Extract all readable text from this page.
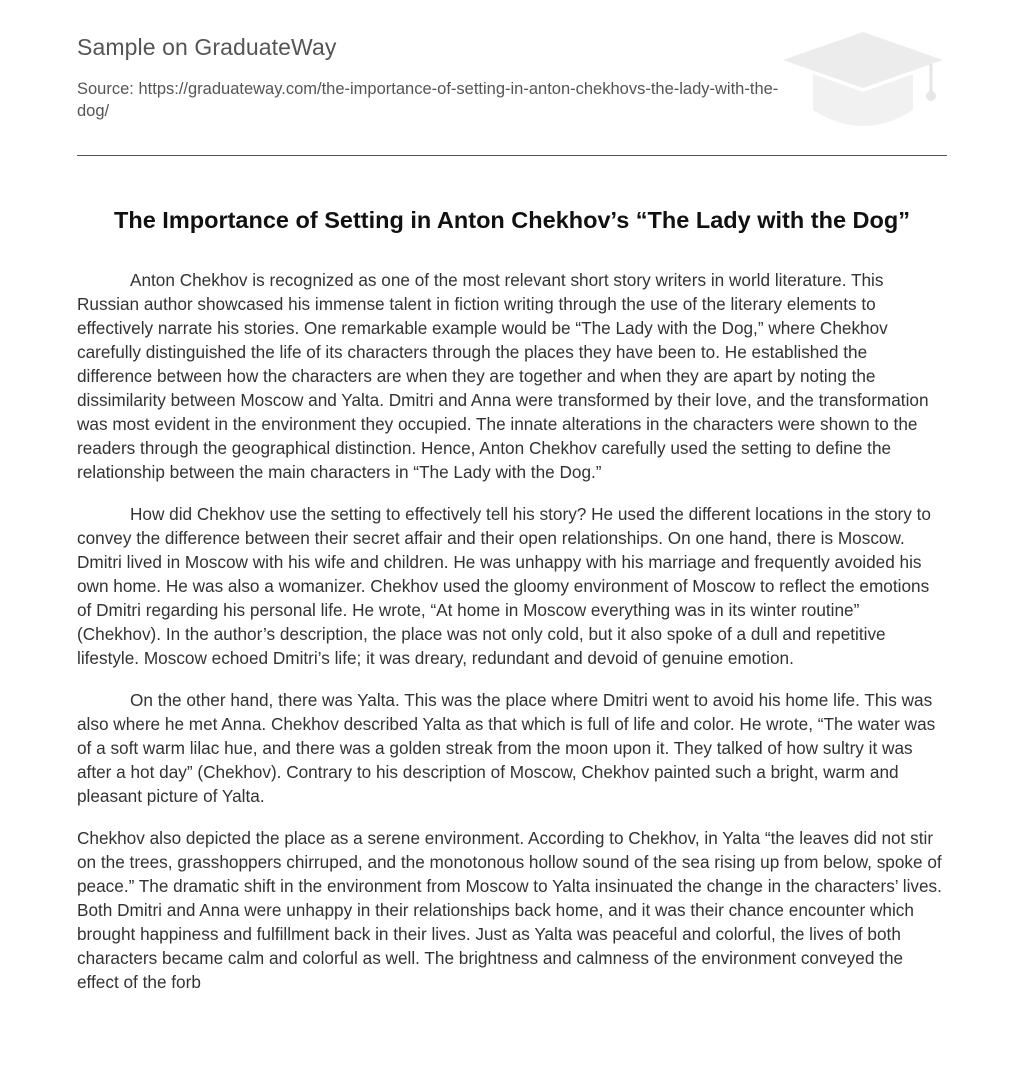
Sample on GraduateWay
Source: https://graduateway.com/the-importance-of-setting-in-anton-chekhovs-the-lady-with-the-dog/
The Importance of Setting in Anton Chekhov’s “The Lady with the Dog”

Anton Chekhov is recognized as one of the most relevant short story writers in world literature. This Russian author showcased his immense talent in fiction writing through the use of the literary elements to effectively narrate his stories. One remarkable example would be “The Lady with the Dog,” where Chekhov carefully distinguished the life of its characters through the places they have been to. He established the difference between how the characters are when they are together and when they are apart by noting the dissimilarity between Moscow and Yalta. Dmitri and Anna were transformed by their love, and the transformation was most evident in the environment they occupied. The innate alterations in the characters were shown to the readers through the geographical distinction. Hence, Anton Chekhov carefully used the setting to define the relationship between the main characters in “The Lady with the Dog.”

How did Chekhov use the setting to effectively tell his story? He used the different locations in the story to convey the difference between their secret affair and their open relationships. On one hand, there is Moscow. Dmitri lived in Moscow with his wife and children. He was unhappy with his marriage and frequently avoided his own home. He was also a womanizer. Chekhov used the gloomy environment of Moscow to reflect the emotions of Dmitri regarding his personal life. He wrote, “At home in Moscow everything was in its winter routine” (Chekhov). In the author’s description, the place was not only cold, but it also spoke of a dull and repetitive lifestyle. Moscow echoed Dmitri’s life; it was dreary, redundant and devoid of genuine emotion.

On the other hand, there was Yalta. This was the place where Dmitri went to avoid his home life. This was also where he met Anna. Chekhov described Yalta as that which is full of life and color. He wrote, “The water was of a soft warm lilac hue, and there was a golden streak from the moon upon it. They talked of how sultry it was after a hot day” (Chekhov). Contrary to his description of Moscow, Chekhov painted such a bright, warm and pleasant picture of Yalta.

Chekhov also depicted the place as a serene environment. According to Chekhov, in Yalta “the leaves did not stir on the trees, grasshoppers chirruped, and the monotonous hollow sound of the sea rising up from below, spoke of peace.” The dramatic shift in the environment from Moscow to Yalta insinuated the change in the characters’ lives. Both Dmitri and Anna were unhappy in their relationships back home, and it was their chance encounter which brought happiness and fulfillment back in their lives. Just as Yalta was peaceful and colorful, the lives of both characters became calm and colorful as well. The brightness and calmness of the environment conveyed the effect of the forb
